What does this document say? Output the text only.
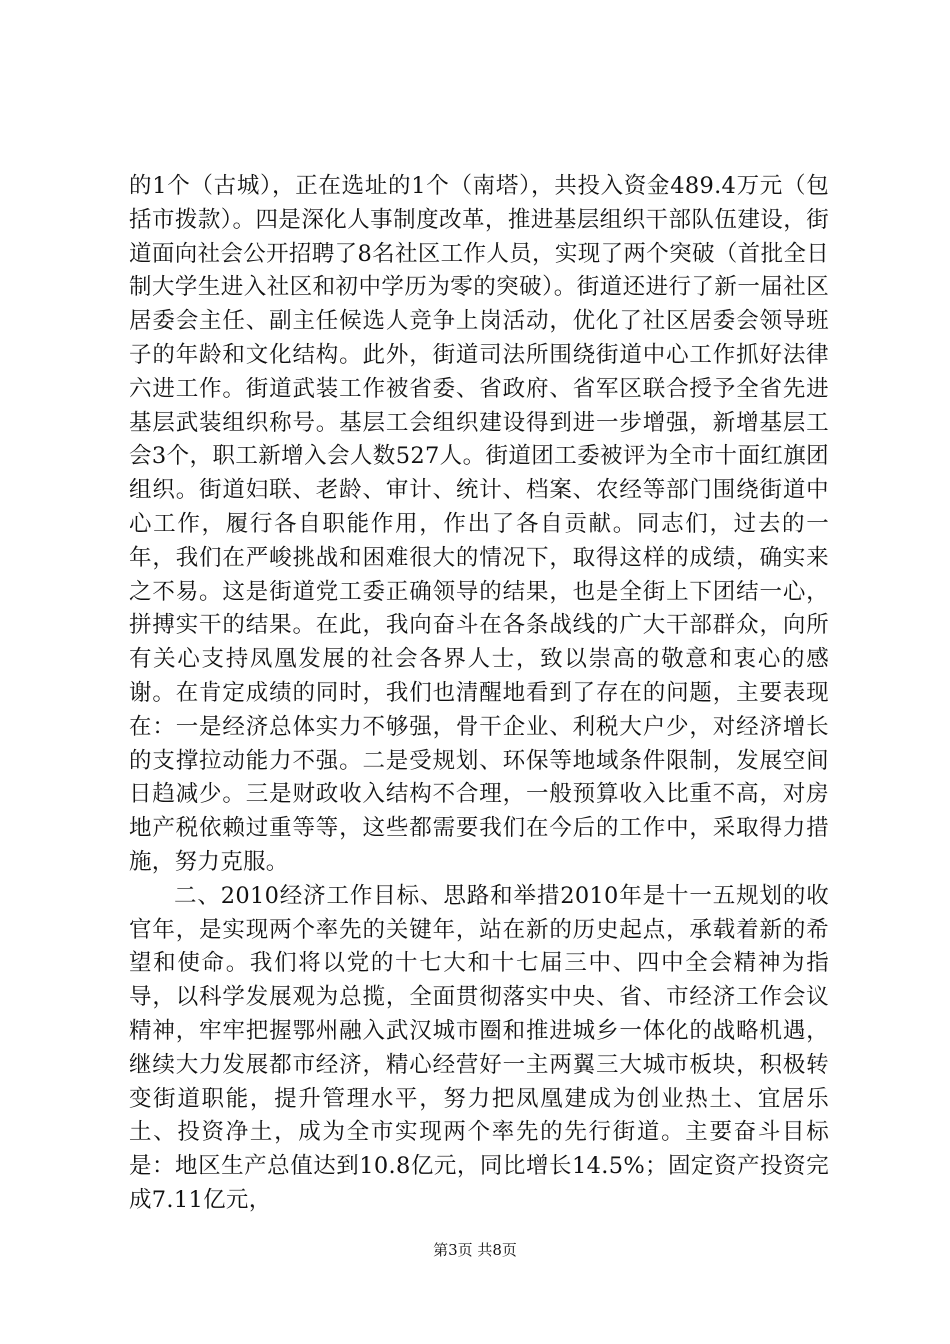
的1个（古城），正在选址的1个（南塔），共投入资金489.4万元（包括市拨款）。四是深化人事制度改革，推进基层组织干部队伍建设，街道面向社会公开招聘了8名社区工作人员，实现了两个突破（首批全日制大学生进入社区和初中学历为零的突破）。街道还进行了新一届社区居委会主任、副主任候选人竞争上岗活动，优化了社区居委会领导班子的年龄和文化结构。此外，街道司法所围绕街道中心工作抓好法律六进工作。街道武装工作被省委、省政府、省军区联合授予全省先进基层武装组织称号。基层工会组织建设得到进一步增强，新增基层工会3个，职工新增入会人数527人。街道团工委被评为全市十面红旗团组织。街道妇联、老龄、审计、统计、档案、农经等部门围绕街道中心工作，履行各自职能作用，作出了各自贡献。同志们，过去的一年，我们在严峻挑战和困难很大的情况下，取得这样的成绩，确实来之不易。这是街道党工委正确领导的结果，也是全街上下团结一心，拼搏实干的结果。在此，我向奋斗在各条战线的广大干部群众，向所有关心支持凤凰发展的社会各界人士，致以崇高的敬意和衷心的感谢。在肯定成绩的同时，我们也清醒地看到了存在的问题，主要表现在：一是经济总体实力不够强，骨干企业、利税大户少，对经济增长的支撑拉动能力不强。二是受规划、环保等地域条件限制，发展空间日趋减少。三是财政收入结构不合理，一般预算收入比重不高，对房地产税依赖过重等等，这些都需要我们在今后的工作中，采取得力措施，努力克服。

二、2010经济工作目标、思路和举措2010年是十一五规划的收官年，是实现两个率先的关键年，站在新的历史起点，承载着新的希望和使命。我们将以党的十七大和十七届三中、四中全会精神为指导，以科学发展观为总揽，全面贯彻落实中央、省、市经济工作会议精神，牢牢把握鄂州融入武汉城市圈和推进城乡一体化的战略机遇，继续大力发展都市经济，精心经营好一主两翼三大城市板块，积极转变街道职能，提升管理水平，努力把凤凰建成为创业热土、宜居乐土、投资净土，成为全市实现两个率先的先行街道。主要奋斗目标是：地区生产总值达到10.8亿元，同比增长14.5%；固定资产投资完成7.11亿元，

第3页 共8页
